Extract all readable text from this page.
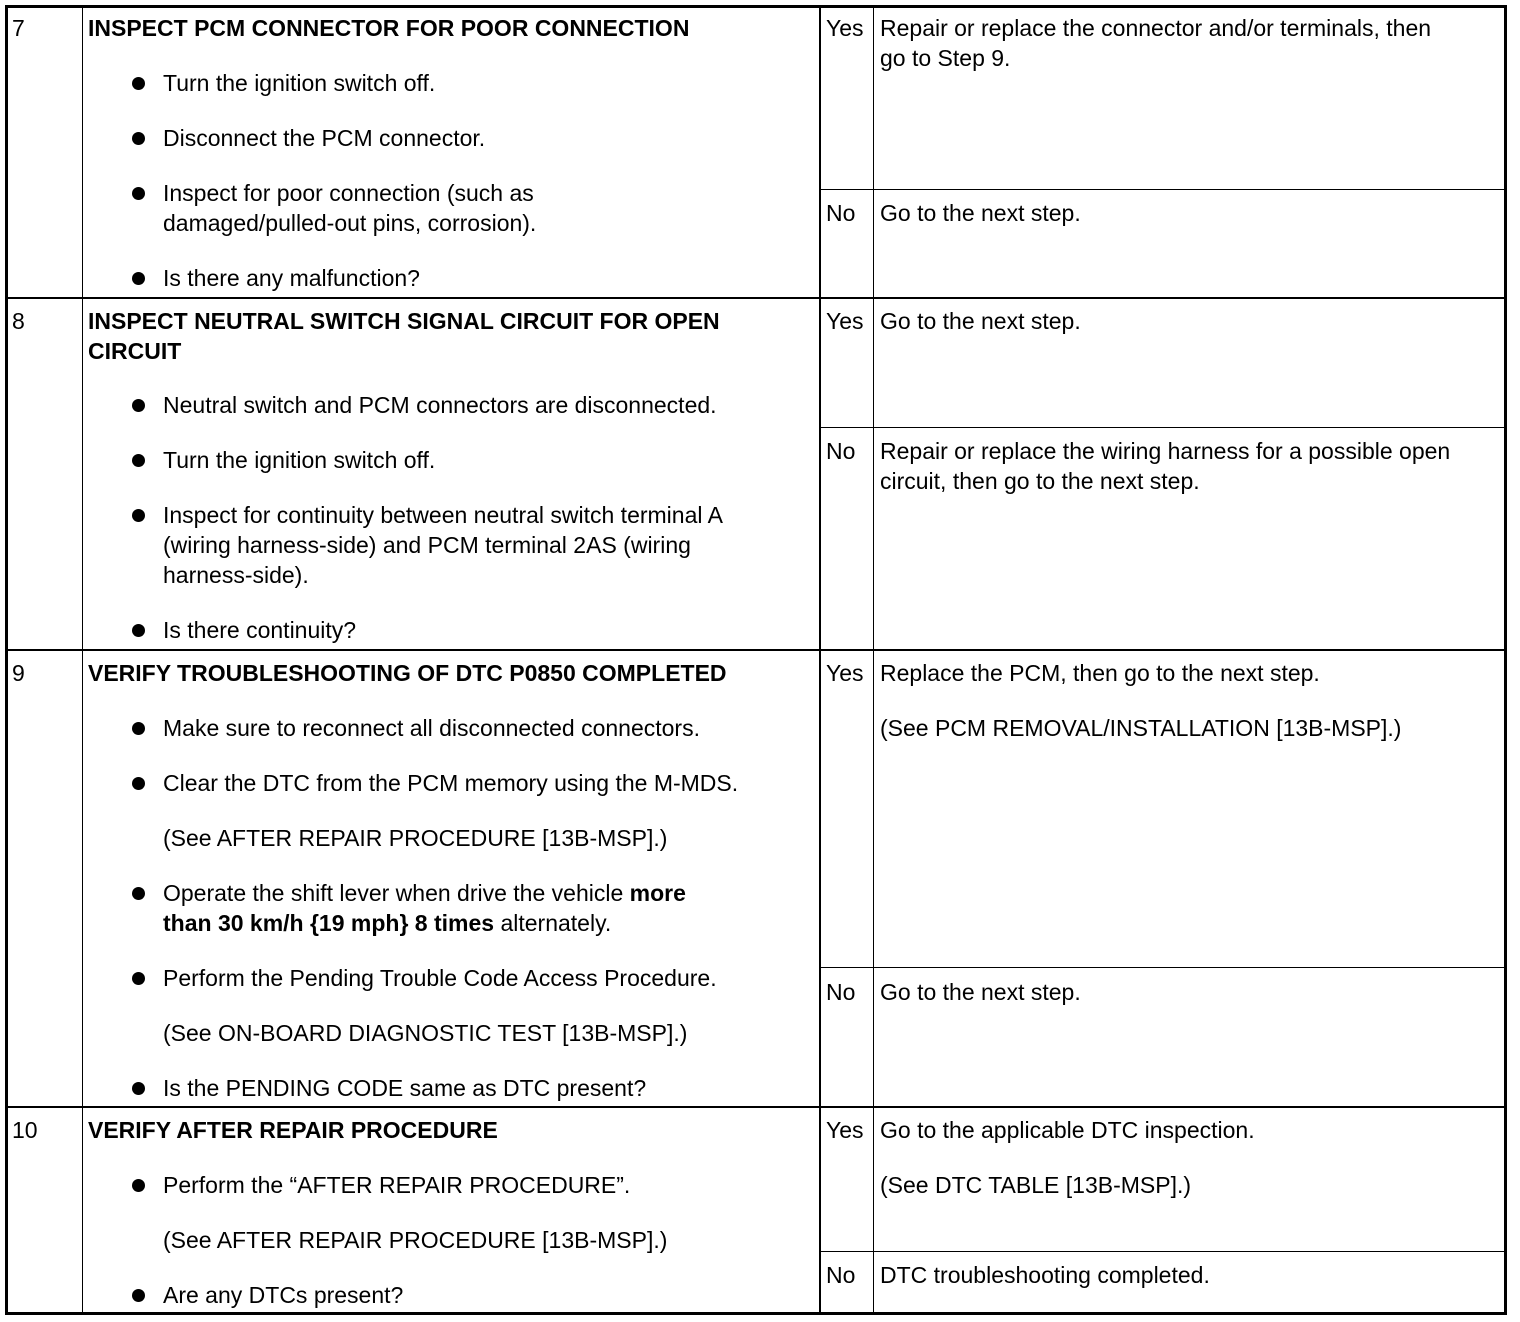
7	INSPECT PCM CONNECTOR FOR POOR CONNECTION
Turn the ignition switch off.
Disconnect the PCM connector.
Inspect for poor connection (such as
damaged/pulled-out pins, corrosion).
Is there any malfunction?
Yes Repair or replace the connector and/or terminals, then
go to Step 9.
No Go to the next step.
8	INSPECT NEUTRAL SWITCH SIGNAL CIRCUIT FOR OPEN
CIRCUIT
Neutral switch and PCM connectors are disconnected.
Turn the ignition switch off.
Inspect for continuity between neutral switch terminal A
(wiring harness-side) and PCM terminal 2AS (wiring
harness-side).
Is there continuity?
Yes Go to the next step.
No Repair or replace the wiring harness for a possible open
circuit, then go to the next step.
9	VERIFY TROUBLESHOOTING OF DTC P0850 COMPLETED
Make sure to reconnect all disconnected connectors.
Clear the DTC from the PCM memory using the M-MDS.
(See AFTER REPAIR PROCEDURE [13B-MSP].)
Operate the shift lever when drive the vehicle more
than 30 km/h {19 mph} 8 times alternately.
Perform the Pending Trouble Code Access Procedure.
(See ON-BOARD DIAGNOSTIC TEST [13B-MSP].)
Is the PENDING CODE same as DTC present?
Yes Replace the PCM, then go to the next step.
(See PCM REMOVAL/INSTALLATION [13B-MSP].)
No Go to the next step.
10 VERIFY AFTER REPAIR PROCEDURE
Perform the “AFTER REPAIR PROCEDURE”.
(See AFTER REPAIR PROCEDURE [13B-MSP].)
Are any DTCs present?
Yes Go to the applicable DTC inspection.
(See DTC TABLE [13B-MSP].)
No DTC troubleshooting completed.
